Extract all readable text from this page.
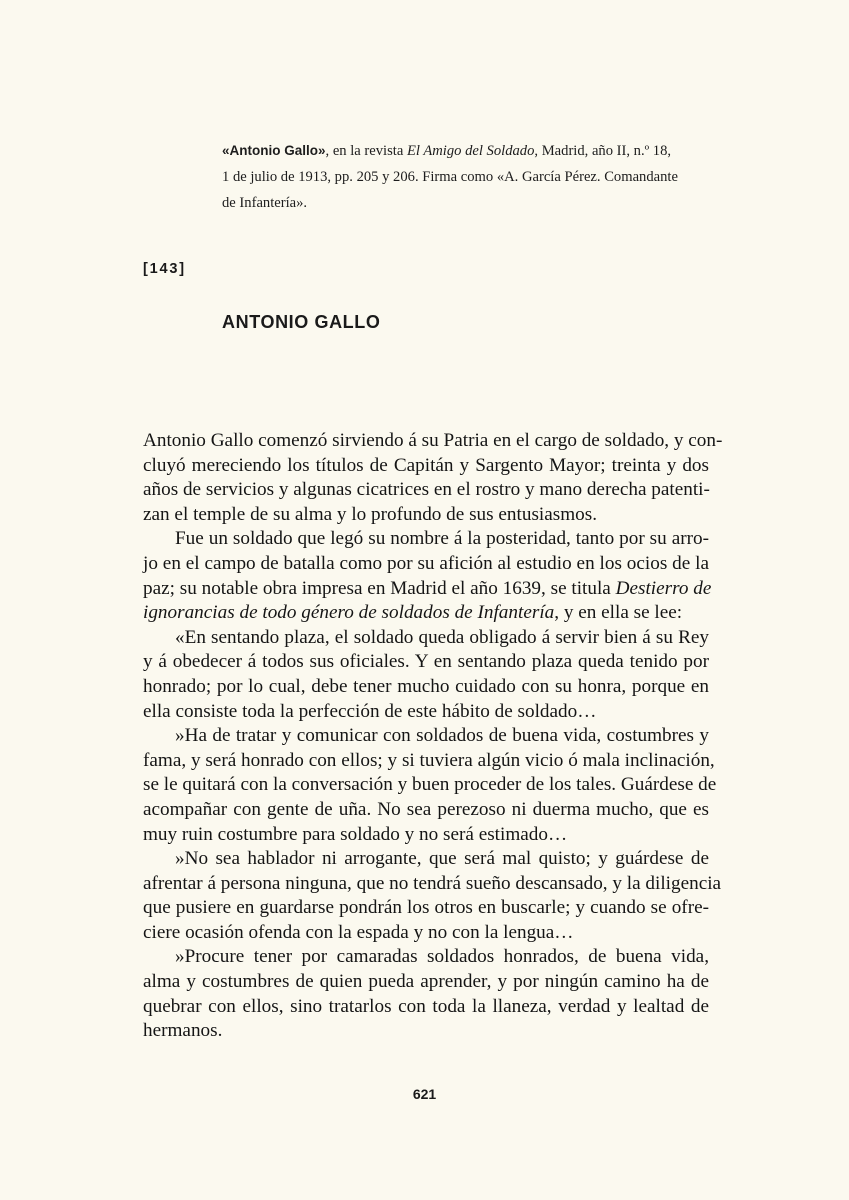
«Antonio Gallo», en la revista El Amigo del Soldado, Madrid, año II, n.º 18,
1 de julio de 1913, pp. 205 y 206. Firma como «A. García Pérez. Comandante
de Infantería».
[143]
ANTONIO GALLO

Antonio Gallo comenzó sirviendo á su Patria en el cargo de soldado, y con-
cluyó mereciendo los títulos de Capitán y Sargento Mayor; treinta y dos
años de servicios y algunas cicatrices en el rostro y mano derecha patenti-
zan el temple de su alma y lo profundo de sus entusiasmos.

Fue un soldado que legó su nombre á la posteridad, tanto por su arro-
jo en el campo de batalla como por su afición al estudio en los ocios de la
paz; su notable obra impresa en Madrid el año 1639, se titula Destierro de
ignorancias de todo género de soldados de Infantería, y en ella se lee:

«En sentando plaza, el soldado queda obligado á servir bien á su Rey
y á obedecer á todos sus oficiales. Y en sentando plaza queda tenido por
honrado; por lo cual, debe tener mucho cuidado con su honra, porque en
ella consiste toda la perfección de este hábito de soldado…

»Ha de tratar y comunicar con soldados de buena vida, costumbres y
fama, y será honrado con ellos; y si tuviera algún vicio ó mala inclinación,
se le quitará con la conversación y buen proceder de los tales. Guárdese de
acompañar con gente de uña. No sea perezoso ni duerma mucho, que es
muy ruin costumbre para soldado y no será estimado…

»No sea hablador ni arrogante, que será mal quisto; y guárdese de
afrentar á persona ninguna, que no tendrá sueño descansado, y la diligencia
que pusiere en guardarse pondrán los otros en buscarle; y cuando se ofre-
ciere ocasión ofenda con la espada y no con la lengua…

»Procure tener por camaradas soldados honrados, de buena vida,
alma y costumbres de quien pueda aprender, y por ningún camino ha de
quebrar con ellos, sino tratarlos con toda la llaneza, verdad y lealtad de
hermanos.

621
